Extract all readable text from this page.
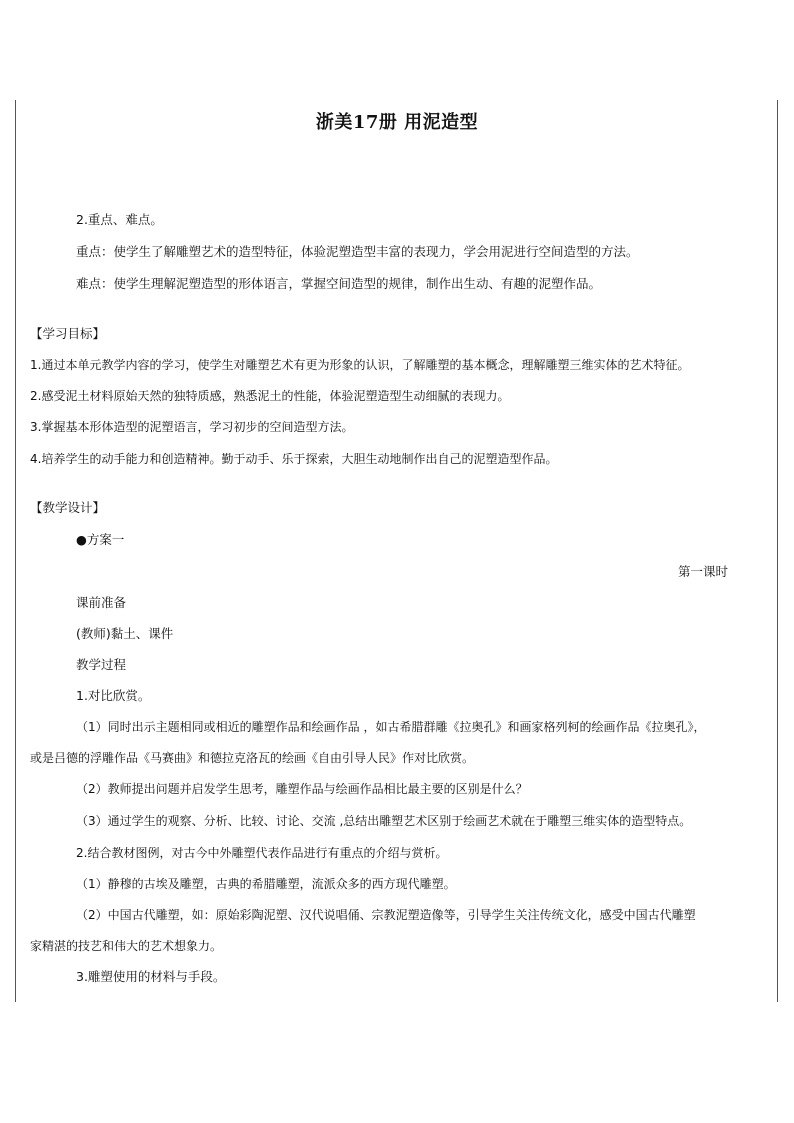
浙美17册 用泥造型
2.重点、难点。
重点：使学生了解雕塑艺术的造型特征，体验泥塑造型丰富的表现力，学会用泥进行空间造型的方法。
难点：使学生理解泥塑造型的形体语言，掌握空间造型的规律，制作出生动、有趣的泥塑作品。
【学习目标】
1.通过本单元教学内容的学习，使学生对雕塑艺术有更为形象的认识，了解雕塑的基本概念，理解雕塑三维实体的艺术特征。
2.感受泥土材料原始天然的独特质感，熟悉泥土的性能，体验泥塑造型生动细腻的表现力。
3.掌握基本形体造型的泥塑语言，学习初步的空间造型方法。
4.培养学生的动手能力和创造精神。勤于动手、乐于探索，大胆生动地制作出自己的泥塑造型作品。
【教学设计】
●方案一
第一课时
课前准备
(教师)黏土、课件
教学过程
1.对比欣赏。
（1）同时出示主题相同或相近的雕塑作品和绘画作品 ，如古希腊群雕《拉奥孔》和画家格列柯的绘画作品《拉奥孔》，
或是吕德的浮雕作品《马赛曲》和德拉克洛瓦的绘画《自由引导人民》作对比欣赏。
（2）教师提出问题并启发学生思考，雕塑作品与绘画作品相比最主要的区别是什么？
（3）通过学生的观察、分析、比较、讨论、交流 ,总结出雕塑艺术区别于绘画艺术就在于雕塑三维实体的造型特点。
2.结合教材图例，对古今中外雕塑代表作品进行有重点的介绍与赏析。
（1）静穆的古埃及雕塑，古典的希腊雕塑，流派众多的西方现代雕塑。
（2）中国古代雕塑，如：原始彩陶泥塑、汉代说唱俑、宗教泥塑造像等，引导学生关注传统文化，感受中国古代雕塑
家精湛的技艺和伟大的艺术想象力。
3.雕塑使用的材料与手段。
